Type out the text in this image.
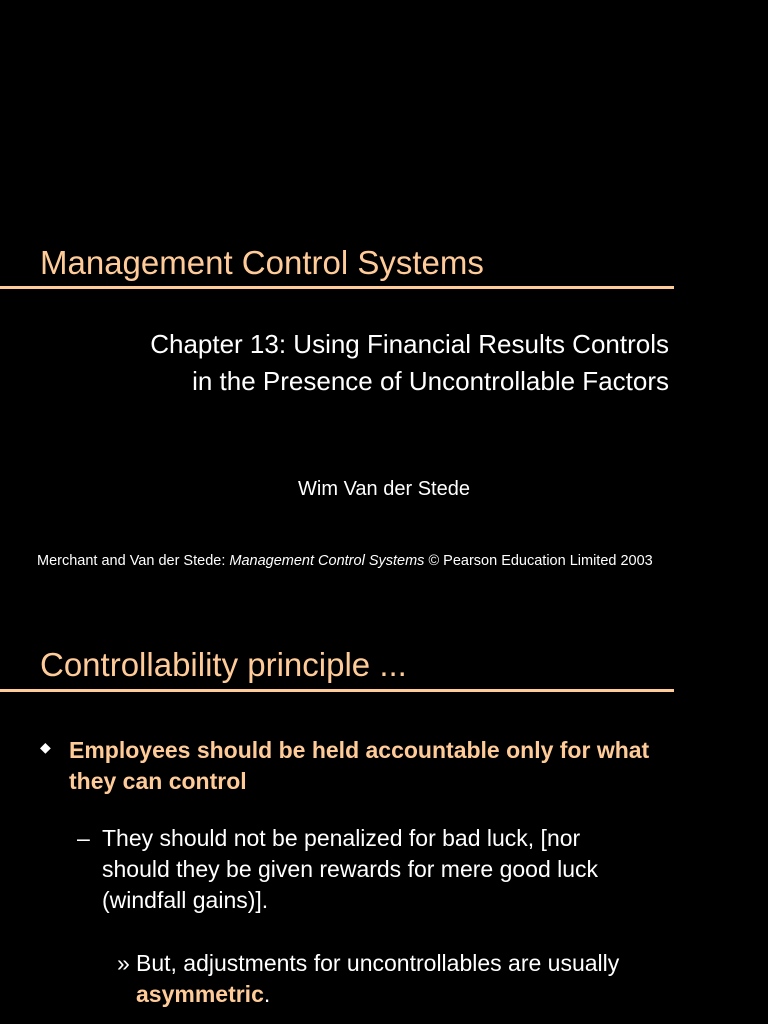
Management Control Systems
Chapter 13: Using Financial Results Controls
in the Presence of Uncontrollable Factors
Wim Van der Stede
Merchant and Van der Stede: Management Control Systems © Pearson Education Limited 2003
Controllability principle ...
◆ Employees should be held accountable only for what they can control
– They should not be penalized for bad luck, [nor should they be given rewards for mere good luck (windfall gains)].
» But, adjustments for uncontrollables are usually asymmetric.
